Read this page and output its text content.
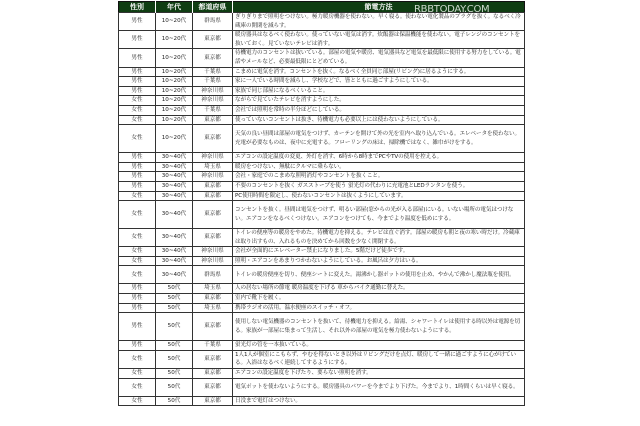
性別	年代	都道府県	節電方法
男性	10~20代	群馬県	ぎりぎりまで照明をつけない。極力暖房機器を使わない。早く寝る。使わない電化製品のプラグを抜く。なるべく冷蔵庫の開閉を減らす。
男性	10~20代	東京都	暖房器具はなるべく使わない。使っていない電気は消す。炊飯器は保温機能を使わない。電子レンジのコンセントを抜いておく。見ていないテレビは消す。
男性	10~20代	東京都	待機電力のコンセントは抜いている。部屋の電気や暖房、電気器具など電気を最低限に使用する努力をしている。電話やメールなど、必要最低限にとどめている。
男性	10~20代	千葉県	こまめに電気を消す。コンセントを抜く。なるべく全員同じ部屋(リビング)に居るようにする。
男性	10~20代	千葉県	家に一人でいる時間を減らし、学校などで、皆とともに過ごすようにしている。
男性	10~20代	神奈川県	家族で同じ部屋になるべくいること。
女性	10~20代	神奈川県	ながらで見ていたテレビを消すようにした。
女性	10~20代	千葉県	会社では照明を常時の半分ほどにしている。
女性	10~20代	東京都	使っていないコンセントは抜き、待機電力も必要以上には使わないようにしている。
女性	10~20代	東京都	天気の良い昼間は部屋の電気をつけず、カーテンを開けて外の光を室内へ取り込んでいる。エレベータを使わない。充電が必要なものは、夜中に充電する。フローリングの床は、掃除機ではなく、雑巾がけをする。
男性	30~40代	神奈川県	エアコンの設定温度の変更、外灯を消す、6時から8時までPCやTVの使用を控える。
男性	30~40代	埼玉県	暖房をつけない、無駄にクルマに乗らない。
男性	30~40代	神奈川県	会社・家庭でのこまめな照明消灯やコンセントを抜くこと。
男性	30~40代	東京都	不要のコンセントを抜く ガスストーブを使う 蛍光灯の代わりに充電池とLEDランタンを使う。
女性	30~40代	東京都	PC使用時間を限定し、使わないコンセントは抜くようにしています。
女性	30~40代	東京都	コンセントを抜く。昼間は電気をつけず、明るい部屋(窓からの光が入る部屋)にいる。いない場所の電気はつけない。エアコンをなるべくつけない。エアコンをつけても、今までより温度を低めにする。
女性	30~40代	東京都	トイレの便座等の暖房をやめた。待機電力を抑える。テレビは直ぐ消す。部屋の暖房も朝と夜の寒い時だけ。冷蔵庫は取り出すもの、入れるものを決めてから回数を少なく開閉する。
女性	30~40代	神奈川県	会社が全面的にエレベーター禁止になりました。5階だけど徒歩です。
女性	30~40代	神奈川県	照明・エアコンをあまりつかわないようにしている。お風呂は夕方はいる。
女性	30~40代	群馬県	トイレの暖房便座を切り、便座シートに変えた。湯沸かし器ポットの使用を止め、やかんで沸かし魔法瓶を使用。
男性	50代	埼玉県	人の居ない場所の節電 暖房温度を下げる 車からバイク通勤に替えた。
男性	50代	東京都	室内で靴下を履く。
男性	50代	埼玉県	携帯ラジオの活用。温水便座のスイッチ・オフ。
男性	50代	東京都	使用しない電気機器のコンセントを抜いて、待機電力を抑える。給湯、シャワートイレは使用する時以外は電源を切る。家族が一部屋に集まって生活し、それ以外の部屋の電気を極力使わないようにする。
男性	50代	千葉県	蛍光灯の管を一本抜いている。
女性	50代	東京都	1人1人が個室にこもらず、やむを得ないとき以外はリビングだけを点灯、暖房して一緒に過ごすように心がけている。入浴はなるべく連続してするようにする。
女性	50代	東京都	エアコンの設定温度を下げたり、要らない照明を消す。
女性	50代	東京都	電気ポットを使わないようにする。暖房器具のパワーを今までより下げた。今までより、1時間くらいは早く寝る。
女性	50代	東京都	日没まで電灯はつけない。
RBBTODAY.COM
